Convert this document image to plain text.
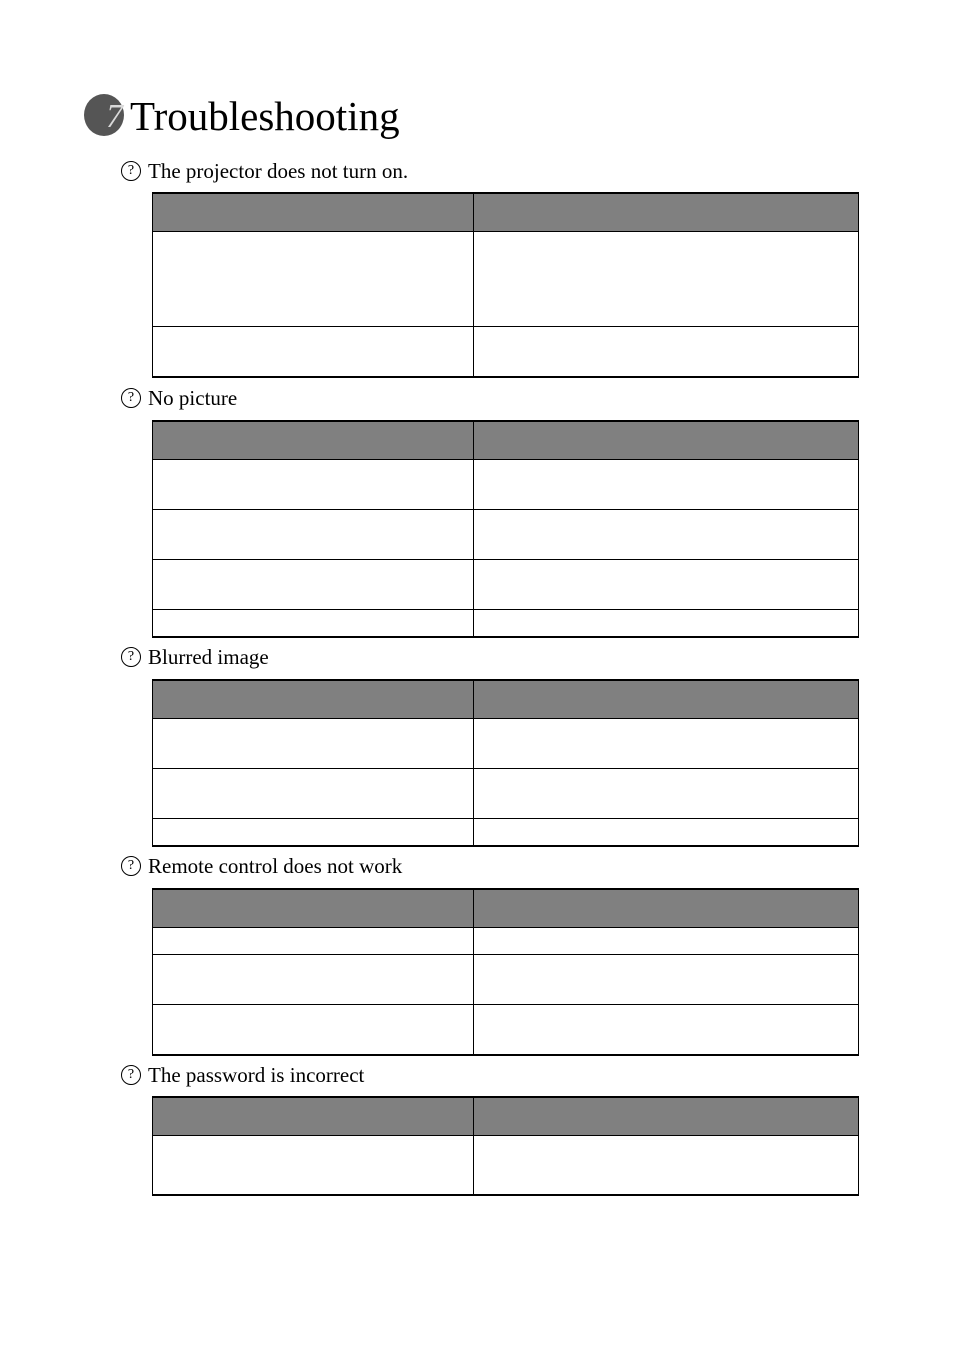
7 Troubleshooting
? The projector does not turn on.

? No picture

? Blurred image

? Remote control does not work

? The password is incorrect
